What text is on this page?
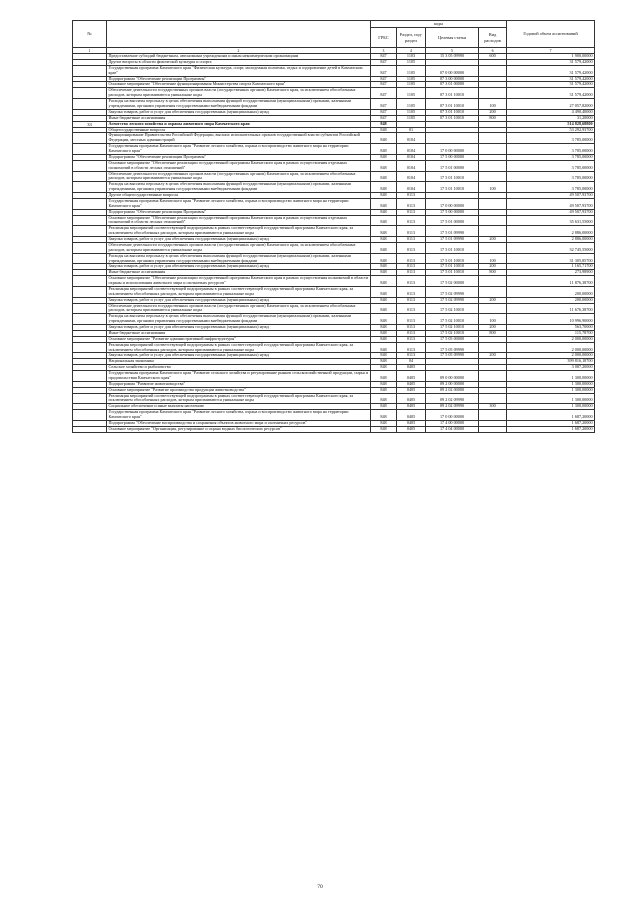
№		коды				Годовой объем ассигнований
		ГРБС	Раздел, под-раздел	Целевая статья	Вид расходов	
1	2	3	4	5	6	7
	Предоставление субсидий бюджетным, автономным учреждениям и иным некоммерческим организациям	847	1103	15 3 05 09990	600	1 900,00000
	Другие вопросы в области физической культуры и спорта	847	1105			31 579,42000
	Государственная программа Камчатского края "Физическая культура, спорт, молодежная политика, отдых и оздоровление детей в Камчатском крае"	847	1105	07 0 00 00000		31 579,42000
	Подпрограмма "Обеспечение реализации Программы"	847	1105	07 3 00 00000		31 579,42000
	Основное мероприятие "Обеспечение функционирования Министерства спорта Камчатского края"	847	1105	07 3 01 00000		31 579,42000
	Обеспечение деятельности государственных органов власти (государственных органов) Камчатского края, за исключением обособленных расходов, которым присваиваются уникальные коды	847	1105	07 3 01 10010		31 579,42000
	Расходы на выплаты персоналу в целях обеспечения выполнения функций государственными (муниципальными) органами, казенными учреждениями, органами управления государственными внебюджетными фондами	847	1105	07 3 01 10010	100	27 057,82000
	Закупка товаров, работ и услуг для обеспечения государственных (муниципальных) нужд	847	1105	07 3 01 10010	200	4 490,40000
	Иные бюджетные ассигнования	847	1105	07 3 01 10010	800	31,20000
33	Агентство лесного хозяйства и охраны животного мира Камчатского края	848				514 828,68800
	Общегосударственные вопросы	848	01			53 292,93700
	Функционирование Правительства Российской Федерации, высших исполнительных органов государственной власти субъектов Российской Федерации, местных администраций	848	0104			3 785,00000
	Государственная программа Камчатского края "Развитие лесного хозяйства, охрана и воспроизводство животного мира на территории Камчатского края"	848	0104	17 0 00 00000		3 785,00000
	Подпрограмма "Обеспечение реализации Программы"	848	0104	17 5 00 00000		3 785,00000
	Основное мероприятие "Обеспечение реализации государственной программы Камчатского края в рамках осуществления отдельных полномочий в области лесных отношений"	848	0104	17 5 01 00000		3 785,00000
	Обеспечение деятельности государственных органов власти (государственных органов) Камчатского края, за исключением обособленных расходов, которым присваиваются уникальные коды	848	0104	17 5 01 10010		3 785,00000
	Расходы на выплаты персоналу в целях обеспечения выполнения функций государственными (муниципальными) органами, казенными учреждениями, органами управления государственными внебюджетными фондами	848	0104	17 5 01 10010	100	3 785,00000
	Другие общегосударственные вопросы	848	0113			49 507,93700
	Государственная программа Камчатского края "Развитие лесного хозяйства, охрана и воспроизводство животного мира на территории Камчатского края"	848	0113	17 0 00 00000		49 507,93700
	Подпрограмма "Обеспечение реализации Программы"	848	0113	17 5 00 00000		49 507,93700
	Основное мероприятие "Обеспечение реализации государственной программы Камчатского края в рамках осуществления отдельных полномочий в области лесных отношений"	848	0113	17 5 01 00000		35 631,55000
	Реализация мероприятий соответствующей подпрограммы в рамках соответствующей государственной программы Камчатского края, за исключением обособленных расходов, которым присваиваются уникальные коды	848	0113	17 5 01 09990		2 886,00000
	Закупка товаров, работ и услуг для обеспечения государственных (муниципальных) нужд	848	0113	17 5 01 09990	200	2 886,00000
	Обеспечение деятельности государственных органов власти (государственных органов) Камчатского края, за исключением обособленных расходов, которым присваиваются уникальные коды	848	0113	17 5 01 10010		32 745,55000
	Расходы на выплаты персоналу в целях обеспечения выполнения функций государственными (муниципальными) органами, казенными учреждениями, органами управления государственными внебюджетными фондами	848	0113	17 5 01 10010	100	31 305,85700
	Закупка товаров, работ и услуг для обеспечения государственных (муниципальных) нужд	848	0113	17 5 01 10010	200	1 165,71700
	Иные бюджетные ассигнования	848	0113	17 5 01 10010	800	273,98900
	Основное мероприятие "Обеспечение реализации государственной программы Камчатского края в рамках осуществления полномочий в области охраны и использования животного мира и охотничьих ресурсов"	848	0113	17 5 02 00000		11 876,38700
	Реализация мероприятий соответствующей подпрограммы в рамках соответствующей государственной программы Камчатского края, за исключением обособленных расходов, которым присваиваются уникальные коды	848	0113	17 5 02 09990		200,00000
	Закупка товаров, работ и услуг для обеспечения государственных (муниципальных) нужд	848	0113	17 5 02 09990	200	200,00000
	Обеспечение деятельности государственных органов власти (государственных органов) Камчатского края, за исключением обособленных расходов, которым присваиваются уникальные коды	848	0113	17 5 02 10010		11 676,38700
	Расходы на выплаты персоналу в целях обеспечения выполнения функций государственными (муниципальными) органами, казенными учреждениями, органами управления государственными внебюджетными фондами	848	0113	17 5 02 10010	100	10 996,90000
	Закупка товаров, работ и услуг для обеспечения государственных (муниципальных) нужд	848	0113	17 5 02 10010	200	563,70000
	Иные бюджетные ассигнования	848	0113	17 5 02 10010	800	115,78700
	Основное мероприятие "Развитие административной инфраструктуры"	848	0113	17 5 05 00000		2 000,00000
	Реализация мероприятий соответствующей подпрограммы в рамках соответствующей государственной программы Камчатского края, за исключением обособленных расходов, которым присваиваются уникальные коды	848	0113	17 5 05 09990		2 000,00000
	Закупка товаров, работ и услуг для обеспечения государственных (муниципальных) нужд	848	0113	17 5 05 09990	200	2 000,00000
	Национальная экономика	848	04			399 816,18700
	Сельское хозяйство и рыболовство	848	0405			3 087,20000
	Государственная программа Камчатского края "Развитие сельского хозяйства и регулирование рынков сельскохозяйственной продукции, сырья и продовольствия Камчатского края"	848	0405	09 0 00 00000		1 300,00000
	Подпрограмма "Развитие животноводства"	848	0405	09 2 00 00000		1 300,00000
	Основное мероприятие "Развитие производства продукции животноводства"	848	0405	09 2 02 00000		1 300,00000
	Реализация мероприятий соответствующей подпрограммы в рамках соответствующей государственной программы Камчатского края, за исключением обособленных расходов, которым присваиваются уникальные коды	848	0405	09 2 02 09990		1 300,00000
	Социальное обеспечение и иные выплаты населению	848	0405	09 2 02 09990	300	1 300,00000
	Государственная программа Камчатского края "Развитие лесного хозяйства, охрана и воспроизводство животного мира на территории Камчатского края"	848	0405	17 0 00 00000		1 687,20000
	Подпрограмма "Обеспечение воспроизводства и сохранения объектов животного мира и охотничьих ресурсов"	848	0405	17 4 00 00000		1 687,20000
	Основное мероприятие "Организация, регулирование и охрана водных биологических ресурсов"	848	0405	17 4 04 00000		1 687,20000
70
